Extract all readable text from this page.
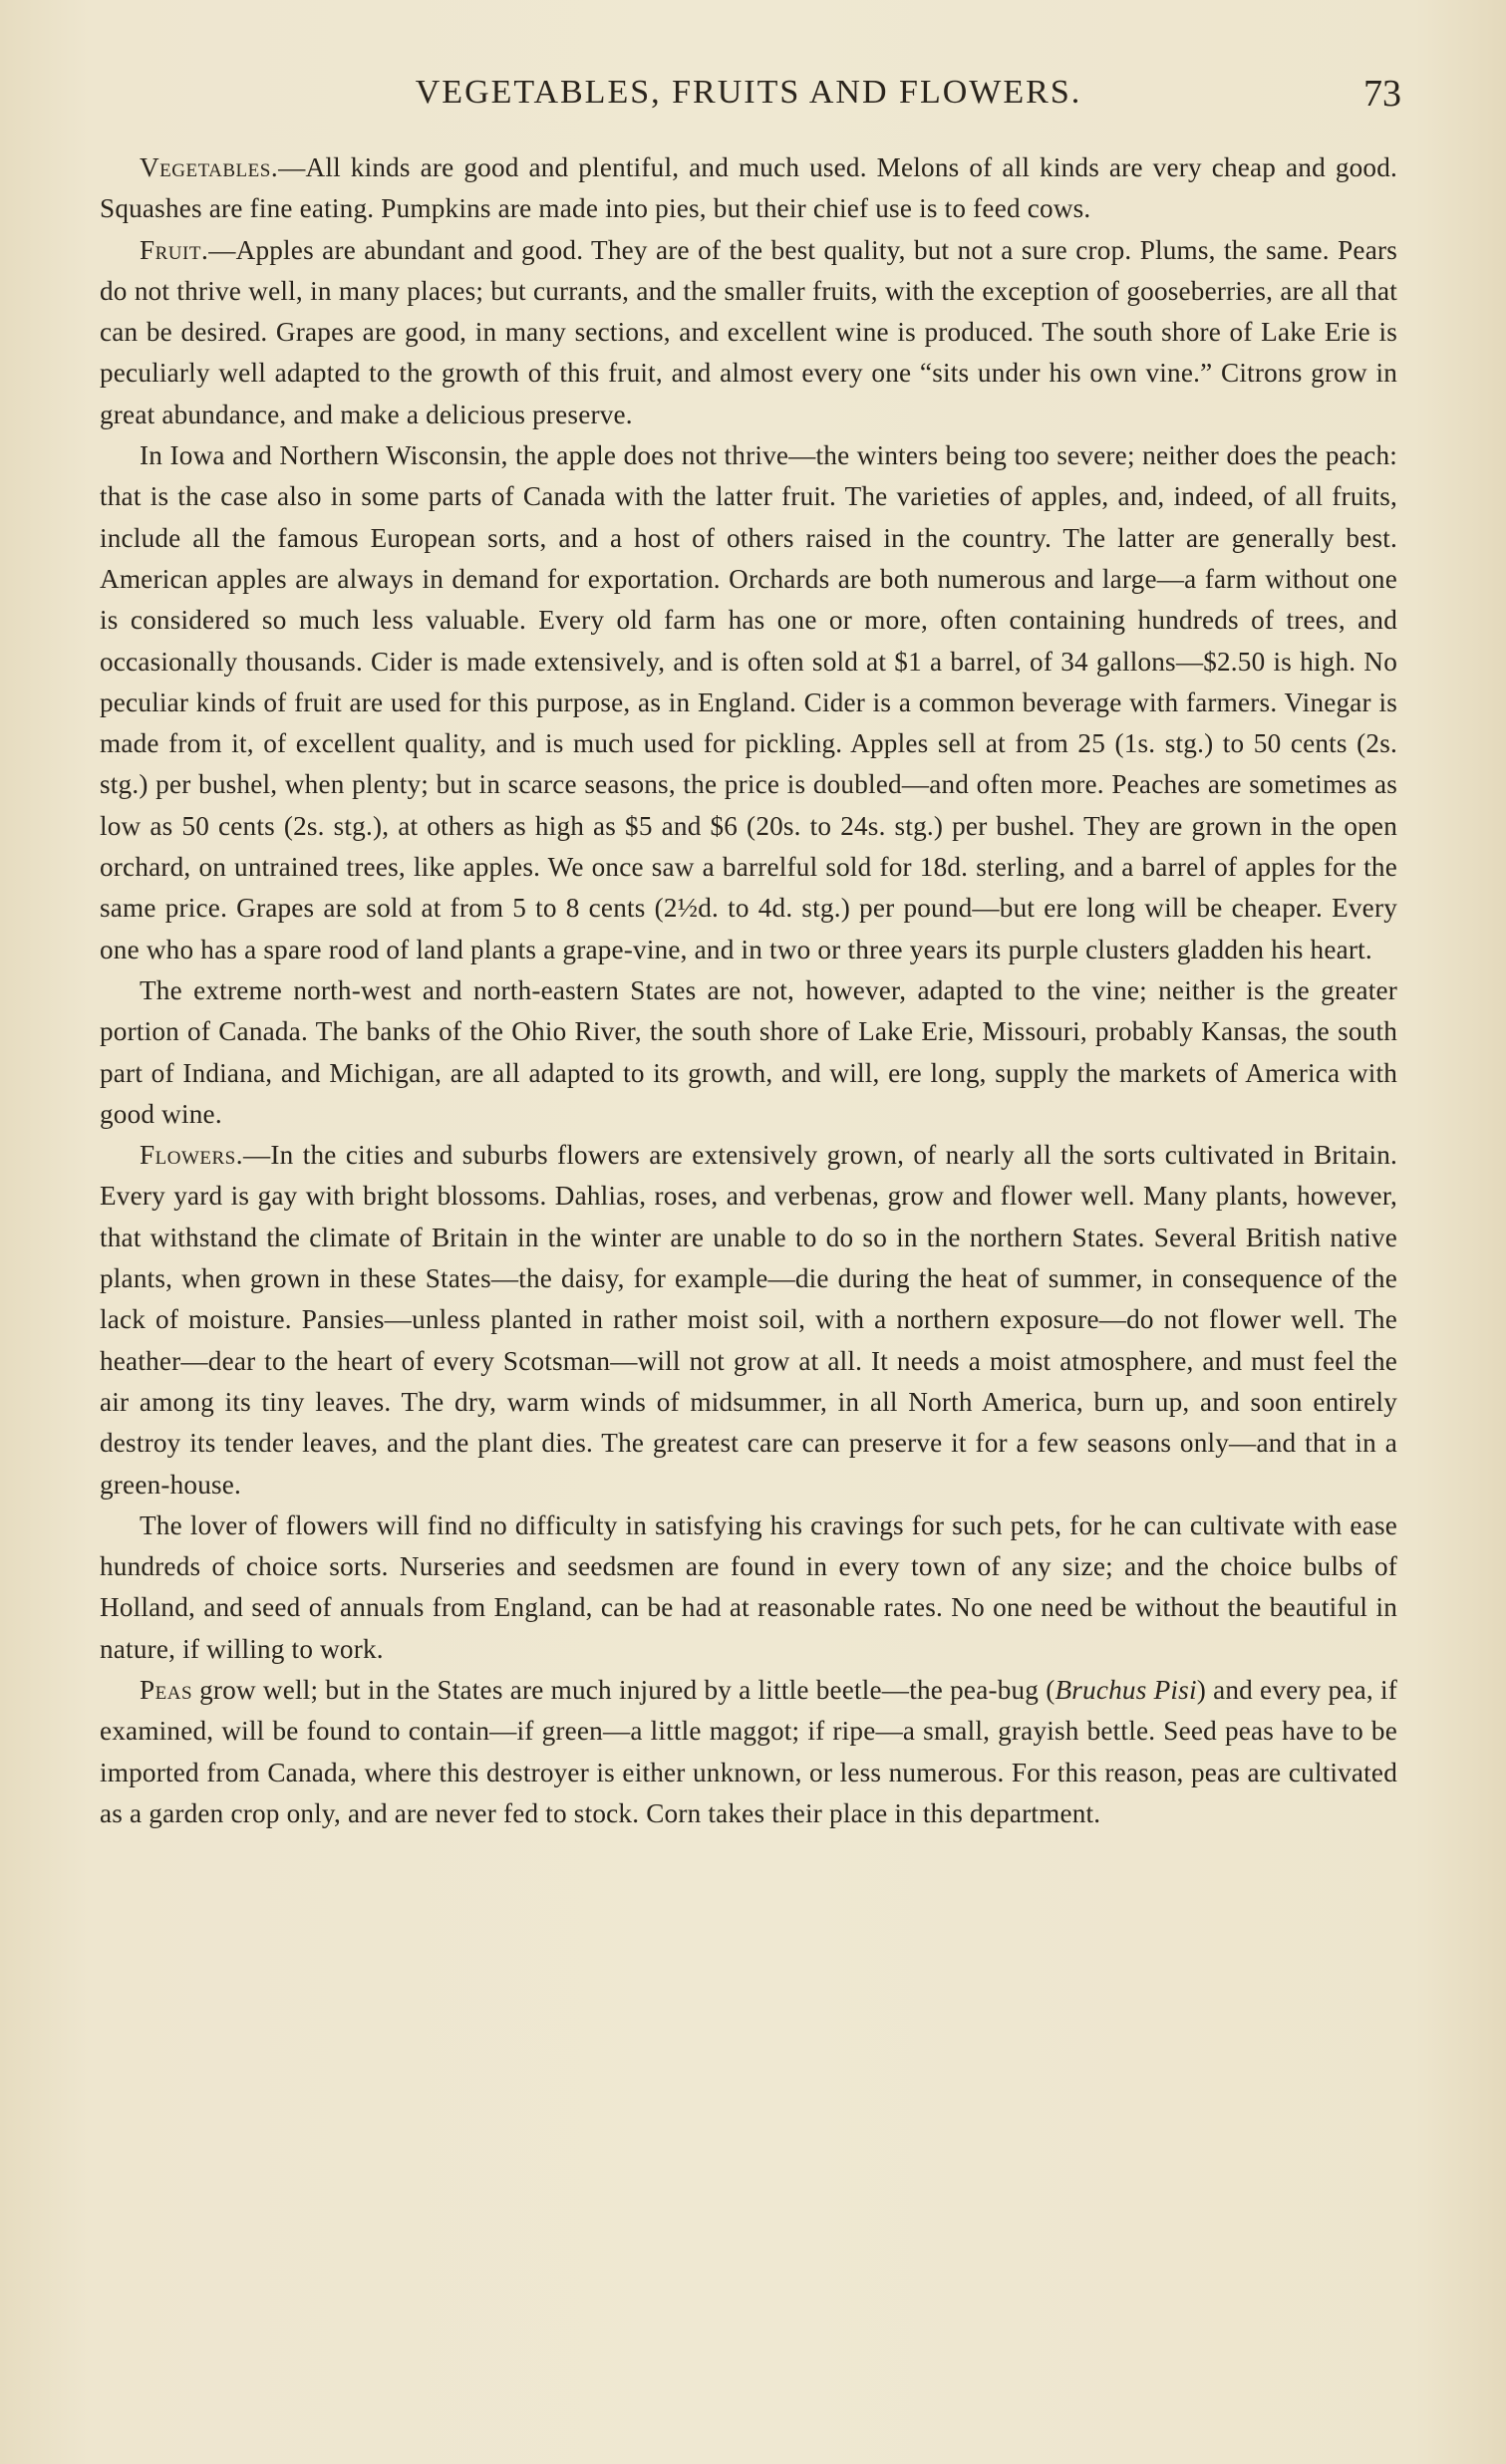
VEGETABLES, FRUITS AND FLOWERS.	73

Vegetables.—All kinds are good and plentiful, and much used. Melons of all kinds are very cheap and good. Squashes are fine eating. Pumpkins are made into pies, but their chief use is to feed cows.

Fruit.—Apples are abundant and good. They are of the best quality, but not a sure crop. Plums, the same. Pears do not thrive well, in many places; but currants, and the smaller fruits, with the exception of gooseberries, are all that can be desired. Grapes are good, in many sections, and excellent wine is produced. The south shore of Lake Erie is peculiarly well adapted to the growth of this fruit, and almost every one “sits under his own vine.” Citrons grow in great abundance, and make a delicious preserve.

In Iowa and Northern Wisconsin, the apple does not thrive—the winters being too severe; neither does the peach: that is the case also in some parts of Canada with the latter fruit. The varieties of apples, and, indeed, of all fruits, include all the famous European sorts, and a host of others raised in the country. The latter are generally best. American apples are always in demand for exportation. Orchards are both numerous and large—a farm without one is considered so much less valuable. Every old farm has one or more, often containing hundreds of trees, and occasionally thousands. Cider is made extensively, and is often sold at $1 a barrel, of 34 gallons—$2.50 is high. No peculiar kinds of fruit are used for this purpose, as in England. Cider is a common beverage with farmers. Vinegar is made from it, of excellent quality, and is much used for pickling. Apples sell at from 25 (1s. stg.) to 50 cents (2s. stg.) per bushel, when plenty; but in scarce seasons, the price is doubled—and often more. Peaches are sometimes as low as 50 cents (2s. stg.), at others as high as $5 and $6 (20s. to 24s. stg.) per bushel. They are grown in the open orchard, on untrained trees, like apples. We once saw a barrelful sold for 18d. sterling, and a barrel of apples for the same price. Grapes are sold at from 5 to 8 cents (2½d. to 4d. stg.) per pound—but ere long will be cheaper. Every one who has a spare rood of land plants a grape-vine, and in two or three years its purple clusters gladden his heart.

The extreme north-west and north-eastern States are not, however, adapted to the vine; neither is the greater portion of Canada. The banks of the Ohio River, the south shore of Lake Erie, Missouri, probably Kansas, the south part of Indiana, and Michigan, are all adapted to its growth, and will, ere long, supply the markets of America with good wine.

Flowers.—In the cities and suburbs flowers are extensively grown, of nearly all the sorts cultivated in Britain. Every yard is gay with bright blossoms. Dahlias, roses, and verbenas, grow and flower well. Many plants, however, that withstand the climate of Britain in the winter are unable to do so in the northern States. Several British native plants, when grown in these States—the daisy, for example—die during the heat of summer, in consequence of the lack of moisture. Pansies—unless planted in rather moist soil, with a northern exposure—do not flower well. The heather—dear to the heart of every Scotsman—will not grow at all. It needs a moist atmosphere, and must feel the air among its tiny leaves. The dry, warm winds of midsummer, in all North America, burn up, and soon entirely destroy its tender leaves, and the plant dies. The greatest care can preserve it for a few seasons only—and that in a green-house.

The lover of flowers will find no difficulty in satisfying his cravings for such pets, for he can cultivate with ease hundreds of choice sorts. Nurseries and seedsmen are found in every town of any size; and the choice bulbs of Holland, and seed of annuals from England, can be had at reasonable rates. No one need be without the beautiful in nature, if willing to work.

Peas grow well; but in the States are much injured by a little beetle—the pea-bug (Bruchus Pisi) and every pea, if examined, will be found to contain—if green—a little maggot; if ripe—a small, grayish bettle. Seed peas have to be imported from Canada, where this destroyer is either unknown, or less numerous. For this reason, peas are cultivated as a garden crop only, and are never fed to stock. Corn takes their place in this department.
